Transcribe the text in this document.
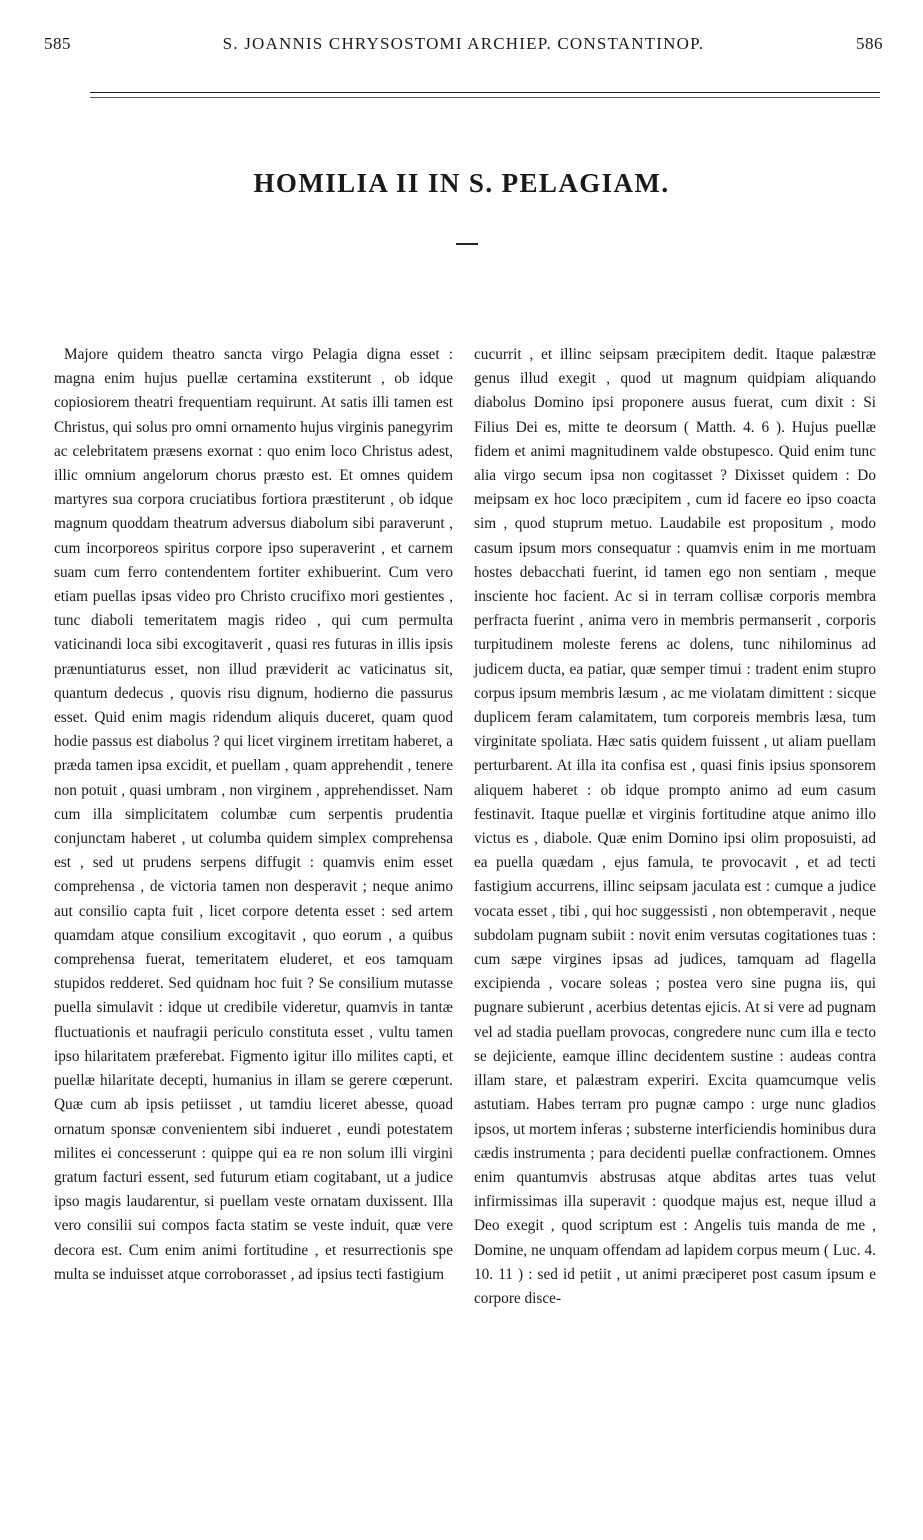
585	S. JOANNIS CHRYSOSTOMI ARCHIEP. CONSTANTINOP.	586
HOMILIA II IN S. PELAGIAM.

Majore quidem theatro sancta virgo Pelagia digna esset : magna enim hujus puellæ certamina exstiterunt , ob idque copiosiorem theatri frequentiam requirunt. At satis illi tamen est Christus, qui solus pro omni ornamento hujus virginis panegyrim ac celebritatem præsens exornat : quo enim loco Christus adest, illic omnium angelorum chorus præsto est. Et omnes quidem martyres sua corpora cruciatibus fortiora præstiterunt , ob idque magnum quoddam theatrum adversus diabolum sibi paraverunt , cum incorporeos spiritus corpore ipso superaverint , et carnem suam cum ferro contendentem fortiter exhibuerint. Cum vero etiam puellas ipsas video pro Christo crucifixo mori gestientes , tunc diaboli temeritatem magis rideo , qui cum permulta vaticinandi loca sibi excogitaverit , quasi res futuras in illis ipsis prænuntiaturus esset, non illud præviderit ac vaticinatus sit, quantum dedecus , quovis risu dignum, hodierno die passurus esset. Quid enim magis ridendum aliquis duceret, quam quod hodie passus est diabolus ? qui licet virginem irretitam haberet, a præda tamen ipsa excidit, et puellam , quam apprehendit , tenere non potuit , quasi umbram , non virginem , apprehendisset. Nam cum illa simplicitatem columbæ cum serpentis prudentia conjunctam haberet , ut columba quidem simplex comprehensa est , sed ut prudens serpens diffugit : quamvis enim esset comprehensa , de victoria tamen non desperavit ; neque animo aut consilio capta fuit , licet corpore detenta esset : sed artem quamdam atque consilium excogitavit , quo eorum , a quibus comprehensa fuerat, temeritatem eluderet, et eos tamquam stupidos redderet. Sed quidnam hoc fuit ? Se consilium mutasse puella simulavit : idque ut credibile videretur, quamvis in tantæ fluctuationis et naufragii periculo constituta esset , vultu tamen ipso hilaritatem præferebat. Figmento igitur illo milites capti, et puellæ hilaritate decepti, humanius in illam se gerere cœperunt. Quæ cum ab ipsis petiisset , ut tamdiu liceret abesse, quoad ornatum sponsæ convenientem sibi indueret , eundi potestatem milites ei concesserunt : quippe qui ea re non solum illi virgini gratum facturi essent, sed futurum etiam cogitabant, ut a judice ipso magis laudarentur, si puellam veste ornatam duxissent. Illa vero consilii sui compos facta statim se veste induit, quæ vere decora est. Cum enim animi fortitudine , et resurrectionis spe multa se induisset atque corroborasset , ad ipsius tecti fastigium

cucurrit , et illinc seipsam præcipitem dedit. Itaque palæstræ genus illud exegit , quod ut magnum quidpiam aliquando diabolus Domino ipsi proponere ausus fuerat, cum dixit : Si Filius Dei es, mitte te deorsum ( Matth. 4. 6 ). Hujus puellæ fidem et animi magnitudinem valde obstupesco. Quid enim tunc alia virgo secum ipsa non cogitasset ? Dixisset quidem : Do meipsam ex hoc loco præcipitem , cum id facere eo ipso coacta sim , quod stuprum metuo. Laudabile est propositum , modo casum ipsum mors consequatur : quamvis enim in me mortuam hostes debacchati fuerint, id tamen ego non sentiam , meque insciente hoc facient. Ac si in terram collisæ corporis membra perfracta fuerint , anima vero in membris permanserit , corporis turpitudinem moleste ferens ac dolens, tunc nihilominus ad judicem ducta, ea patiar, quæ semper timui : tradent enim stupro corpus ipsum membris læsum , ac me violatam dimittent : sicque duplicem feram calamitatem, tum corporeis membris læsa, tum virginitate spoliata. Hæc satis quidem fuissent , ut aliam puellam perturbarent. At illa ita confisa est , quasi finis ipsius sponsorem aliquem haberet : ob idque prompto animo ad eum casum festinavit. Itaque puellæ et virginis fortitudine atque animo illo victus es , diabole. Quæ enim Domino ipsi olim proposuisti, ad ea puella quædam , ejus famula, te provocavit , et ad tecti fastigium accurrens, illinc seipsam jaculata est : cumque a judice vocata esset , tibi , qui hoc suggessisti , non obtemperavit , neque subdolam pugnam subiit : novit enim versutas cogitationes tuas : cum sæpe virgines ipsas ad judices, tamquam ad flagella excipienda , vocare soleas ; postea vero sine pugna iis, qui pugnare subierunt , acerbius detentas ejicis. At si vere ad pugnam vel ad stadia puellam provocas, congredere nunc cum illa e tecto se dejiciente, eamque illinc decidentem sustine : audeas contra illam stare, et palæstram experiri. Excita quamcumque velis astutiam. Habes terram pro pugnæ campo : urge nunc gladios ipsos, ut mortem inferas ; substerne interficiendis hominibus dura cædis instrumenta ; para decidenti puellæ confractionem. Omnes enim quantumvis abstrusas atque abditas artes tuas velut infirmissimas illa superavit : quodque majus est, neque illud a Deo exegit , quod scriptum est : Angelis tuis manda de me , Domine, ne unquam offendam ad lapidem corpus meum ( Luc. 4. 10. 11 ) : sed id petiit , ut animi præciperet post casum ipsum e corpore disce-
